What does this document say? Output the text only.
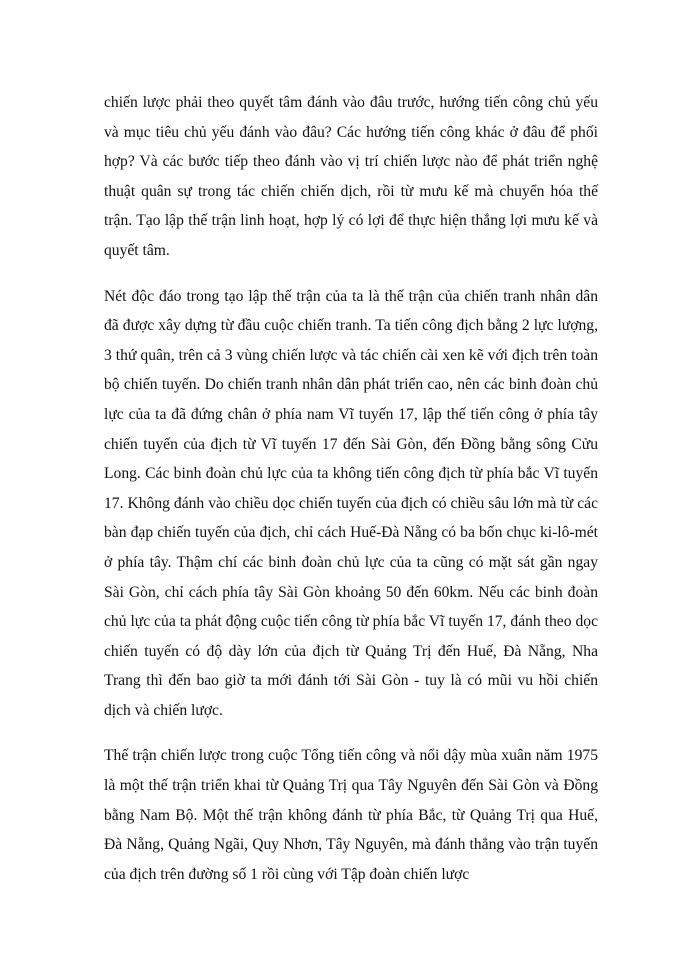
chiến lược phải theo quyết tâm đánh vào đâu trước, hướng tiến công chủ yếu và mục tiêu chủ yếu đánh vào đâu? Các hướng tiến công khác ở đâu để phối hợp? Và các bước tiếp theo đánh vào vị trí chiến lược nào để phát triển nghệ thuật quân sự trong tác chiến chiến dịch, rồi từ mưu kế mà chuyển hóa thế trận. Tạo lập thế trận linh hoạt, hợp lý có lợi để thực hiện thắng lợi mưu kế và quyết tâm.

Nét độc đáo trong tạo lập thế trận của ta là thế trận của chiến tranh nhân dân đã được xây dựng từ đầu cuộc chiến tranh. Ta tiến công địch bằng 2 lực lượng, 3 thứ quân, trên cả 3 vùng chiến lược và tác chiến cài xen kẽ với địch trên toàn bộ chiến tuyến. Do chiến tranh nhân dân phát triển cao, nên các binh đoàn chủ lực của ta đã đứng chân ở phía nam Vĩ tuyến 17, lập thế tiến công ở phía tây chiến tuyến của địch từ Vĩ tuyến 17 đến Sài Gòn, đến Đồng bằng sông Cửu Long. Các binh đoàn chủ lực của ta không tiến công địch từ phía bắc Vĩ tuyến 17. Không đánh vào chiều dọc chiến tuyến của địch có chiều sâu lớn mà từ các bàn đạp chiến tuyến của địch, chỉ cách Huế-Đà Nẵng có ba bốn chục ki-lô-mét ở phía tây. Thậm chí các binh đoàn chủ lực của ta cũng có mặt sát gần ngay Sài Gòn, chỉ cách phía tây Sài Gòn khoảng 50 đến 60km. Nếu các binh đoàn chủ lực của ta phát động cuộc tiến công từ phía bắc Vĩ tuyến 17, đánh theo dọc chiến tuyến có độ dày lớn của địch từ Quảng Trị đến Huế, Đà Nẵng, Nha Trang thì đến bao giờ ta mới đánh tới Sài Gòn - tuy là có mũi vu hồi chiến dịch và chiến lược.

Thế trận chiến lược trong cuộc Tổng tiến công và nổi dậy mùa xuân năm 1975 là một thế trận triển khai từ Quảng Trị qua Tây Nguyên đến Sài Gòn và Đồng bằng Nam Bộ. Một thế trận không đánh từ phía Bắc, từ Quảng Trị qua Huế, Đà Nẵng, Quảng Ngãi, Quy Nhơn, Tây Nguyên, mà đánh thẳng vào trận tuyến của địch trên đường số 1 rồi cùng với Tập đoàn chiến lược
